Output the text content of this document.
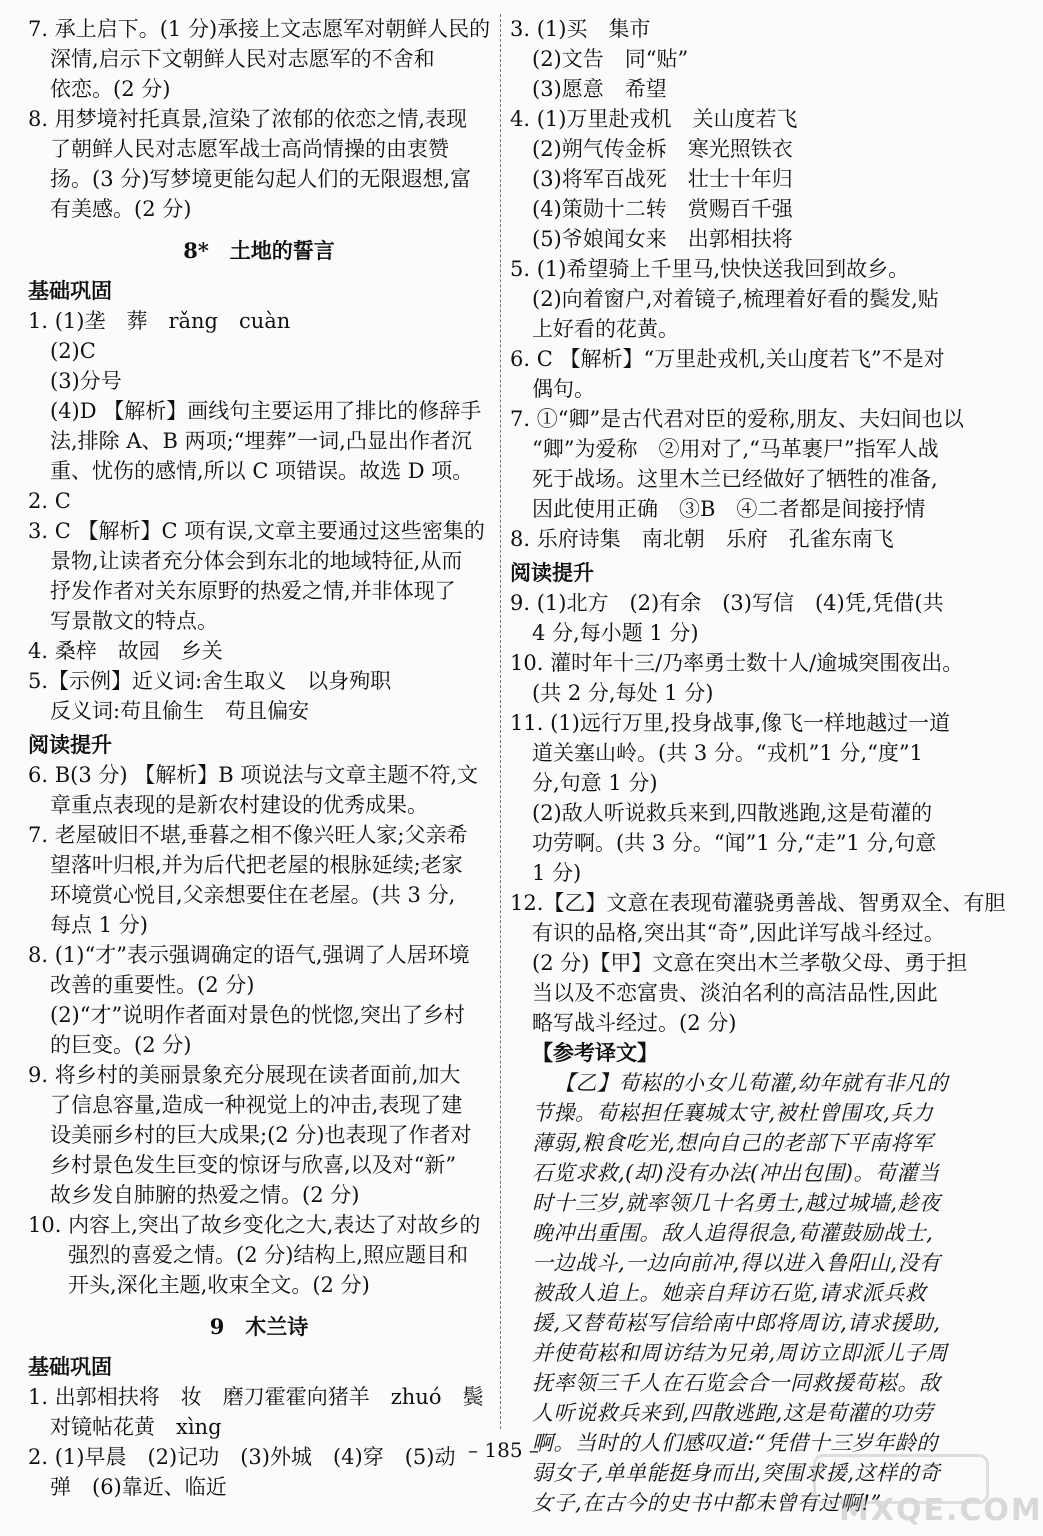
7. 承上启下。(1 分)承接上文志愿军对朝鲜人民的
深情,启示下文朝鲜人民对志愿军的不舍和
依恋。(2 分)
8. 用梦境衬托真景,渲染了浓郁的依恋之情,表现
了朝鲜人民对志愿军战士高尚情操的由衷赞
扬。(3 分)写梦境更能勾起人们的无限遐想,富
有美感。(2 分)
8*　土地的誓言
基础巩固
1. (1)垄　葬　rǎng　cuàn
(2)C
(3)分号
(4)D 【解析】画线句主要运用了排比的修辞手
法,排除 A、B 两项;“埋葬”一词,凸显出作者沉
重、忧伤的感情,所以 C 项错误。故选 D 项。
2. C
3. C 【解析】C 项有误,文章主要通过这些密集的
景物,让读者充分体会到东北的地域特征,从而
抒发作者对关东原野的热爱之情,并非体现了
写景散文的特点。
4. 桑梓　故园　乡关
5.【示例】近义词:舍生取义　以身殉职
反义词:苟且偷生　苟且偏安
阅读提升
6. B(3 分) 【解析】B 项说法与文章主题不符,文
章重点表现的是新农村建设的优秀成果。
7. 老屋破旧不堪,垂暮之相不像兴旺人家;父亲希
望落叶归根,并为后代把老屋的根脉延续;老家
环境赏心悦目,父亲想要住在老屋。(共 3 分,
每点 1 分)
8. (1)“才”表示强调确定的语气,强调了人居环境
改善的重要性。(2 分)
(2)“才”说明作者面对景色的恍惚,突出了乡村
的巨变。(2 分)
9. 将乡村的美丽景象充分展现在读者面前,加大
了信息容量,造成一种视觉上的冲击,表现了建
设美丽乡村的巨大成果;(2 分)也表现了作者对
乡村景色发生巨变的惊讶与欣喜,以及对“新”
故乡发自肺腑的热爱之情。(2 分)
10. 内容上,突出了故乡变化之大,表达了对故乡的
强烈的喜爱之情。(2 分)结构上,照应题目和
开头,深化主题,收束全文。(2 分)
9　木兰诗
基础巩固
1. 出郭相扶将　妆　磨刀霍霍向猪羊　zhuó　鬓
对镜帖花黄　xìng
2. (1)早晨　(2)记功　(3)外城　(4)穿　(5)动
弹　(6)靠近、临近
3. (1)买　集市
(2)文告　同“贴”
(3)愿意　希望
4. (1)万里赴戎机　关山度若飞
(2)朔气传金柝　寒光照铁衣
(3)将军百战死　壮士十年归
(4)策勋十二转　赏赐百千强
(5)爷娘闻女来　出郭相扶将
5. (1)希望骑上千里马,快快送我回到故乡。
(2)向着窗户,对着镜子,梳理着好看的鬓发,贴
上好看的花黄。
6. C 【解析】“万里赴戎机,关山度若飞”不是对
偶句。
7. ①“卿”是古代君对臣的爱称,朋友、夫妇间也以
“卿”为爱称　②用对了,“马革裹尸”指军人战
死于战场。这里木兰已经做好了牺牲的准备,
因此使用正确　③B　④二者都是间接抒情
8. 乐府诗集　南北朝　乐府　孔雀东南飞
阅读提升
9. (1)北方　(2)有余　(3)写信　(4)凭,凭借(共
4 分,每小题 1 分)
10. 灌时年十三/乃率勇士数十人/逾城突围夜出。
(共 2 分,每处 1 分)
11. (1)远行万里,投身战事,像飞一样地越过一道
道关塞山岭。(共 3 分。“戎机”1 分,“度”1
分,句意 1 分)
(2)敌人听说救兵来到,四散逃跑,这是荀灌的
功劳啊。(共 3 分。“闻”1 分,“走”1 分,句意
1 分)
12.【乙】文意在表现荀灌骁勇善战、智勇双全、有胆
有识的品格,突出其“奇”,因此详写战斗经过。
(2 分)【甲】文意在突出木兰孝敬父母、勇于担
当以及不恋富贵、淡泊名利的高洁品性,因此
略写战斗经过。(2 分)
【参考译文】
【乙】荀崧的小女儿荀灌,幼年就有非凡的
节操。荀崧担任襄城太守,被杜曾围攻,兵力
薄弱,粮食吃光,想向自己的老部下平南将军
石览求救,(却)没有办法(冲出包围)。荀灌当
时十三岁,就率领几十名勇士,越过城墙,趁夜
晚冲出重围。敌人追得很急,荀灌鼓励战士,
一边战斗,一边向前冲,得以进入鲁阳山,没有
被敌人追上。她亲自拜访石览,请求派兵救
援,又替荀崧写信给南中郎将周访,请求援助,
并使荀崧和周访结为兄弟,周访立即派儿子周
抚率领三千人在石览会合一同救援荀崧。敌
人听说救兵来到,四散逃跑,这是荀灌的功劳
啊。当时的人们感叹道:“凭借十三岁年龄的
弱女子,单单能挺身而出,突围求援,这样的奇
女子,在古今的史书中都未曾有过啊!”
– 185 –
MXQE.COM
